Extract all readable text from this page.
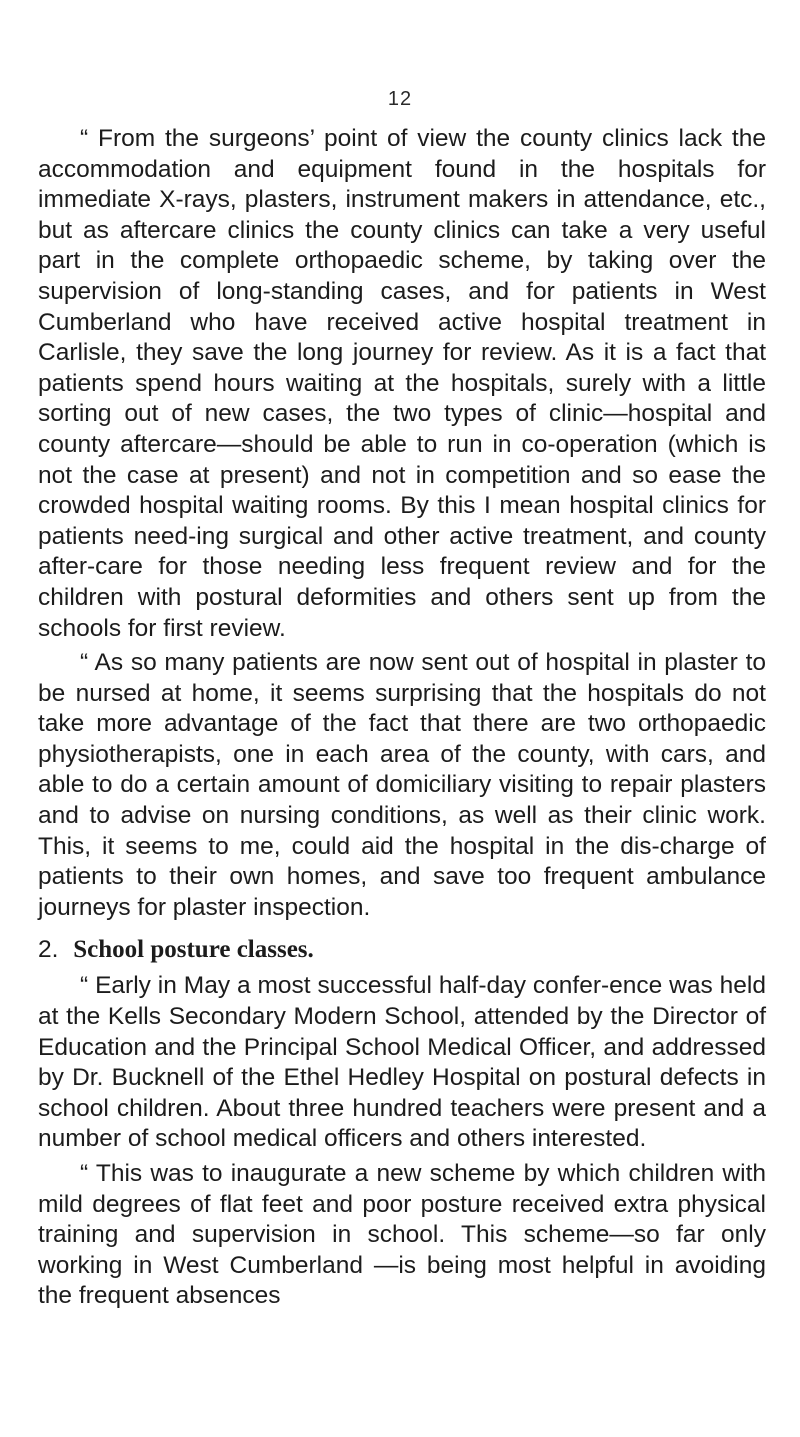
12

“ From the surgeons’ point of view the county clinics lack the accommodation and equipment found in the hospitals for immediate X-rays, plasters, instrument makers in attendance, etc., but as aftercare clinics the county clinics can take a very useful part in the complete orthopaedic scheme, by taking over the supervision of long-standing cases, and for patients in West Cumberland who have received active hospital treatment in Carlisle, they save the long journey for review. As it is a fact that patients spend hours waiting at the hospitals, surely with a little sorting out of new cases, the two types of clinic—hospital and county aftercare—should be able to run in co-operation (which is not the case at present) and not in competition and so ease the crowded hospital waiting rooms. By this I mean hospital clinics for patients need-ing surgical and other active treatment, and county after-care for those needing less frequent review and for the children with postural deformities and others sent up from the schools for first review.

“ As so many patients are now sent out of hospital in plaster to be nursed at home, it seems surprising that the hospitals do not take more advantage of the fact that there are two orthopaedic physiotherapists, one in each area of the county, with cars, and able to do a certain amount of domiciliary visiting to repair plasters and to advise on nursing conditions, as well as their clinic work. This, it seems to me, could aid the hospital in the dis-charge of patients to their own homes, and save too frequent ambulance journeys for plaster inspection.

2. School posture classes.

“ Early in May a most successful half-day confer-ence was held at the Kells Secondary Modern School, attended by the Director of Education and the Principal School Medical Officer, and addressed by Dr. Bucknell of the Ethel Hedley Hospital on postural defects in school children. About three hundred teachers were present and a number of school medical officers and others interested.

“ This was to inaugurate a new scheme by which children with mild degrees of flat feet and poor posture received extra physical training and supervision in school. This scheme—so far only working in West Cumberland —is being most helpful in avoiding the frequent absences
